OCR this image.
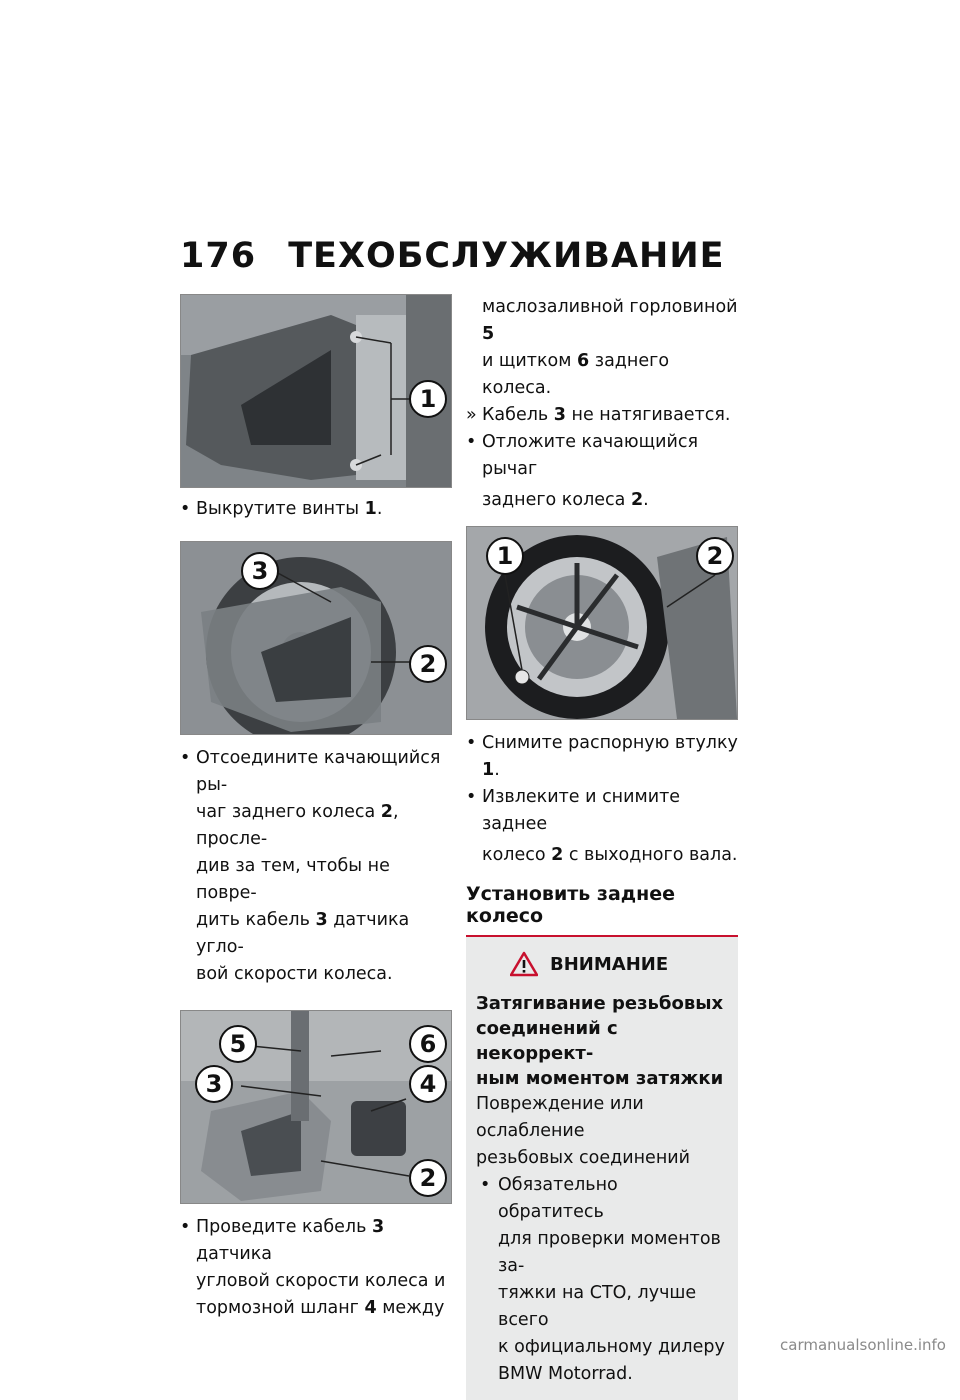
176 ТЕХОБСЛУЖИВАНИЕ
1

• Выкрутите винты 1.

3
2

• Отсоедините качающийся ры-

чаг заднего колеса 2, просле-

див за тем, чтобы не повре-

дить кабель 3 датчика угло-

вой скорости колеса.

5	6
3	4
2

• Проведите кабель 3 датчика

угловой скорости колеса и

тормозной шланг 4 между

маслозаливной горловиной 5

и щитком 6 заднего колеса.

» Кабель 3 не натягивается.

• Отложите качающийся рычаг

заднего колеса 2.

1	2

• Снимите распорную втулку 1.

• Извлеките и снимите заднее

колесо 2 с выходного вала.

Установить заднее колесо
ВНИМАНИЕ
Затягивание резьбовых
соединений с некоррект-
ным моментом затяжки
Повреждение или ослабление
резьбовых соединений
• Обязательно обратитесь
для проверки моментов за-
тяжки на СТО, лучше всего
к официальному дилеру
BMW Motorrad.
carmanualsonline.info
